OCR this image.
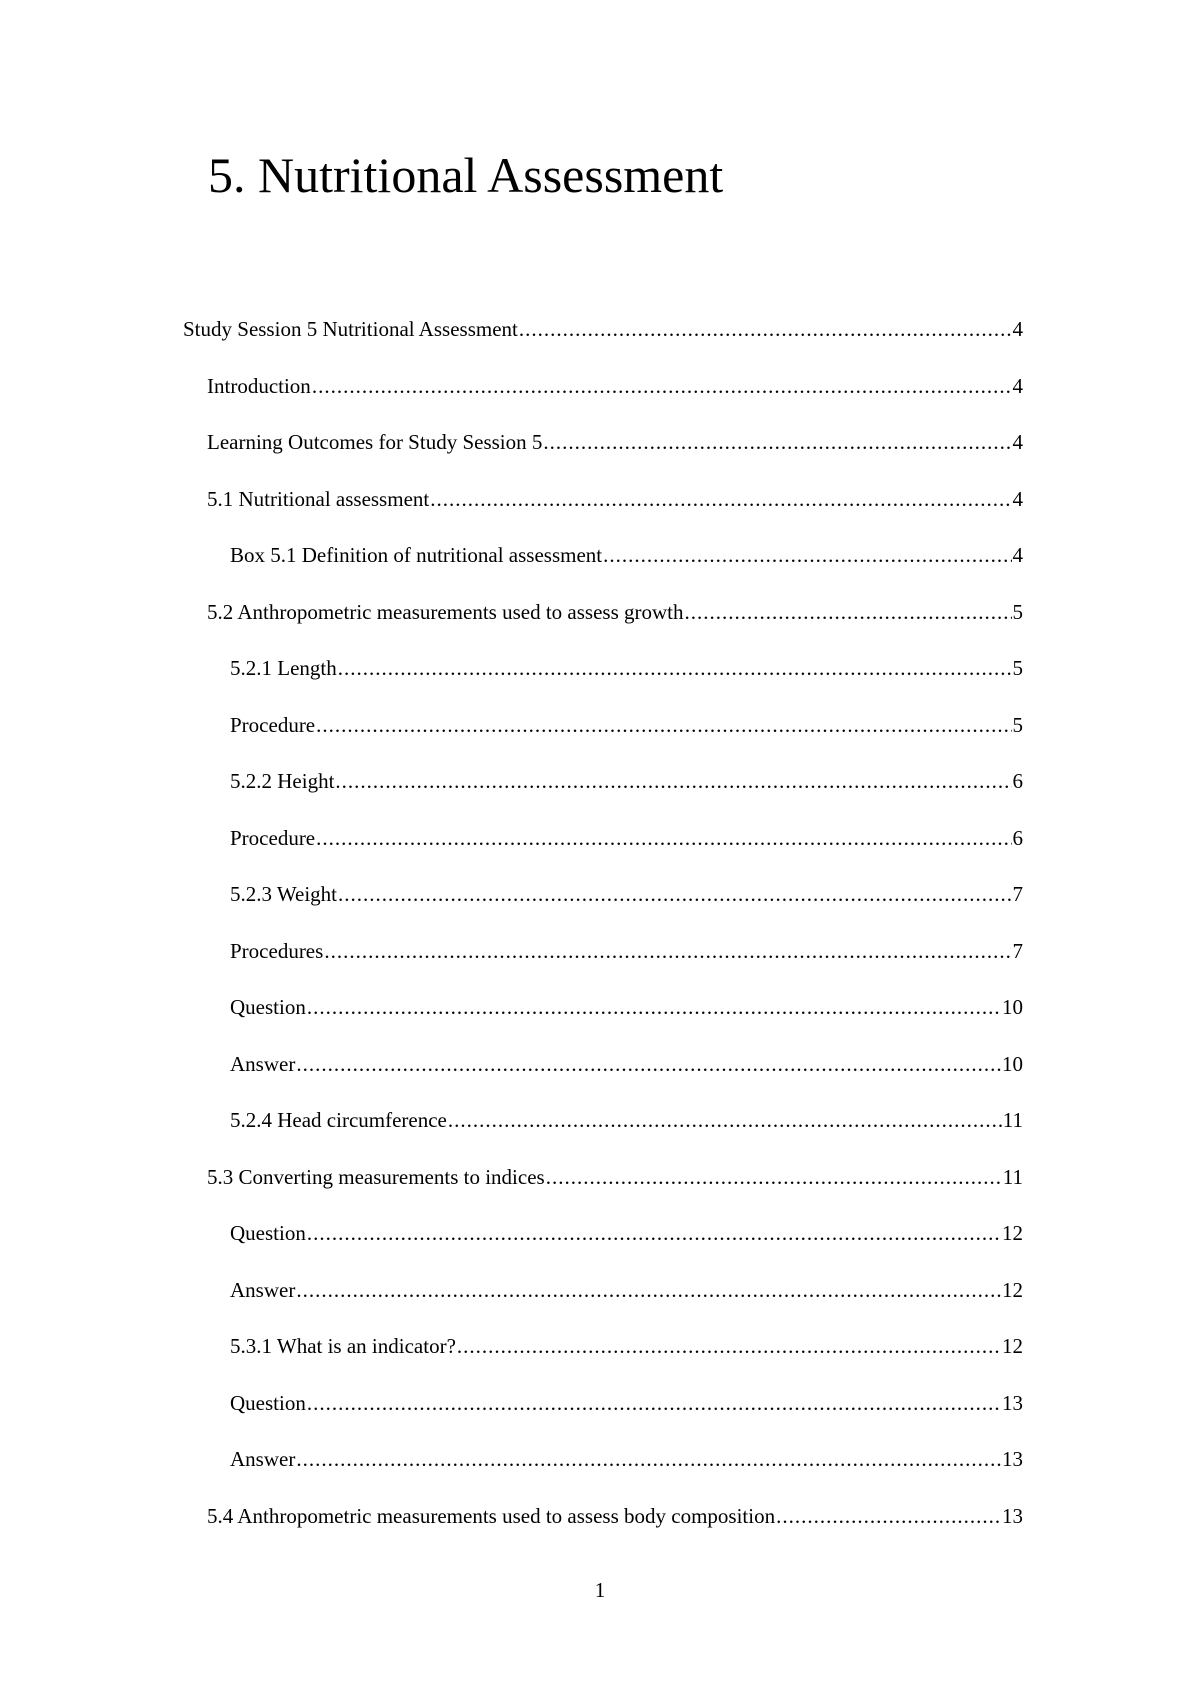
5. Nutritional Assessment
Study Session 5 Nutritional Assessment .....	4
Introduction .....	4
Learning Outcomes for Study Session 5 .....	4
5.1 Nutritional assessment .....	4
Box 5.1 Definition of nutritional assessment .....	4
5.2 Anthropometric measurements used to assess growth .....	5
5.2.1 Length .....	5
Procedure .....	5
5.2.2 Height .....	6
Procedure .....	6
5.2.3 Weight .....	7
Procedures .....	7
Question .....	10
Answer .....	10
5.2.4 Head circumference .....	11
5.3 Converting measurements to indices .....	11
Question .....	12
Answer .....	12
5.3.1 What is an indicator? .....	12
Question .....	13
Answer .....	13
5.4 Anthropometric measurements used to assess body composition .....	13
1
